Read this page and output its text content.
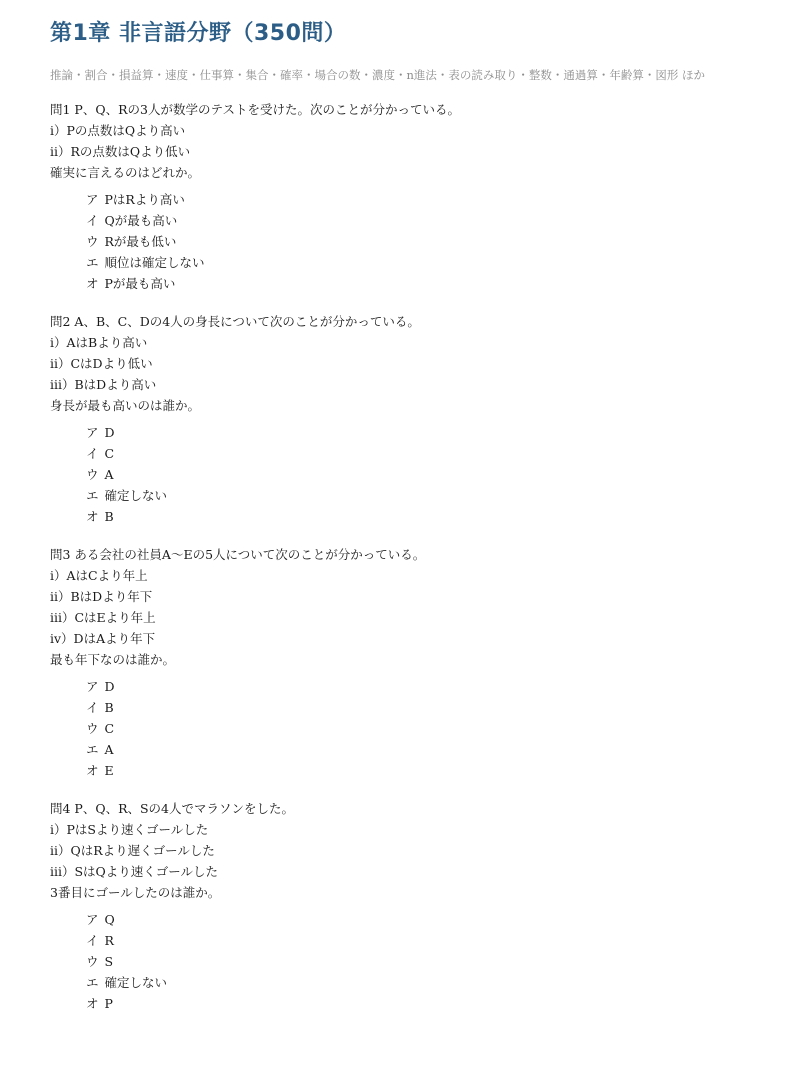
第1章 非言語分野（350問）
推論・割合・損益算・速度・仕事算・集合・確率・場合の数・濃度・n進法・表の読み取り・整数・通過算・年齢算・図形 ほか
問1 P、Q、Rの3人が数学のテストを受けた。次のことが分かっている。
ⅰ）Pの点数はQより高い
ⅱ）Rの点数はQより低い
確実に言えるのはどれか。
ア PはRより高い
イ Qが最も高い
ウ Rが最も低い
エ 順位は確定しない
オ Pが最も高い
問2 A、B、C、Dの4人の身長について次のことが分かっている。
ⅰ）AはBより高い
ⅱ）CはDより低い
ⅲ）BはDより高い
身長が最も高いのは誰か。
ア D
イ C
ウ A
エ 確定しない
オ B
問3 ある会社の社員A〜Eの5人について次のことが分かっている。
ⅰ）AはCより年上
ⅱ）BはDより年下
ⅲ）CはEより年上
ⅳ）DはAより年下
最も年下なのは誰か。
ア D
イ B
ウ C
エ A
オ E
問4 P、Q、R、Sの4人でマラソンをした。
ⅰ）PはSより速くゴールした
ⅱ）QはRより遅くゴールした
ⅲ）SはQより速くゴールした
3番目にゴールしたのは誰か。
ア Q
イ R
ウ S
エ 確定しない
オ P
